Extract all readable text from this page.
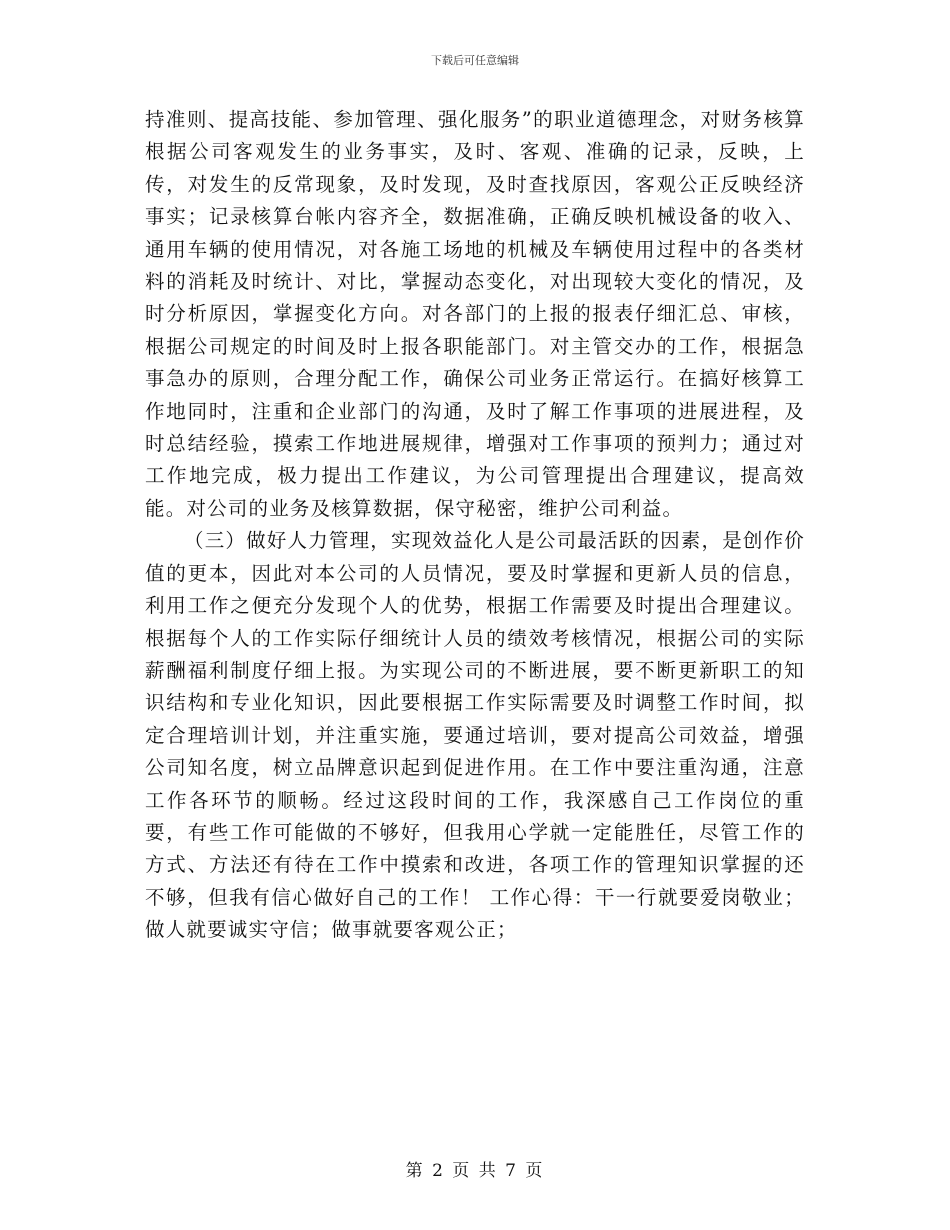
下载后可任意编辑

持准则、提高技能、参加管理、强化服务”的职业道德理念，对财务核算根据公司客观发生的业务事实，及时、客观、准确的记录，反映，上传，对发生的反常现象，及时发现，及时查找原因，客观公正反映经济事实；记录核算台帐内容齐全，数据准确，正确反映机械设备的收入、通用车辆的使用情况，对各施工场地的机械及车辆使用过程中的各类材料的消耗及时统计、对比，掌握动态变化，对出现较大变化的情况，及时分析原因，掌握变化方向。对各部门的上报的报表仔细汇总、审核，根据公司规定的时间及时上报各职能部门。对主管交办的工作，根据急事急办的原则，合理分配工作，确保公司业务正常运行。在搞好核算工作地同时，注重和企业部门的沟通，及时了解工作事项的进展进程，及时总结经验，摸索工作地进展规律，增强对工作事项的预判力；通过对工作地完成，极力提出工作建议，为公司管理提出合理建议，提高效能。对公司的业务及核算数据，保守秘密，维护公司利益。

（三）做好人力管理，实现效益化人是公司最活跃的因素，是创作价值的更本，因此对本公司的人员情况，要及时掌握和更新人员的信息，利用工作之便充分发现个人的优势，根据工作需要及时提出合理建议。根据每个人的工作实际仔细统计人员的绩效考核情况，根据公司的实际薪酬福利制度仔细上报。为实现公司的不断进展，要不断更新职工的知识结构和专业化知识，因此要根据工作实际需要及时调整工作时间，拟定合理培训计划，并注重实施，要通过培训，要对提高公司效益，增强公司知名度，树立品牌意识起到促进作用。在工作中要注重沟通，注意工作各环节的顺畅。经过这段时间的工作，我深感自己工作岗位的重要，有些工作可能做的不够好，但我用心学就一定能胜任，尽管工作的方式、方法还有待在工作中摸索和改进，各项工作的管理知识掌握的还不够，但我有信心做好自己的工作！ 工作心得：干一行就要爱岗敬业；做人就要诚实守信；做事就要客观公正；

第 2 页 共 7 页
